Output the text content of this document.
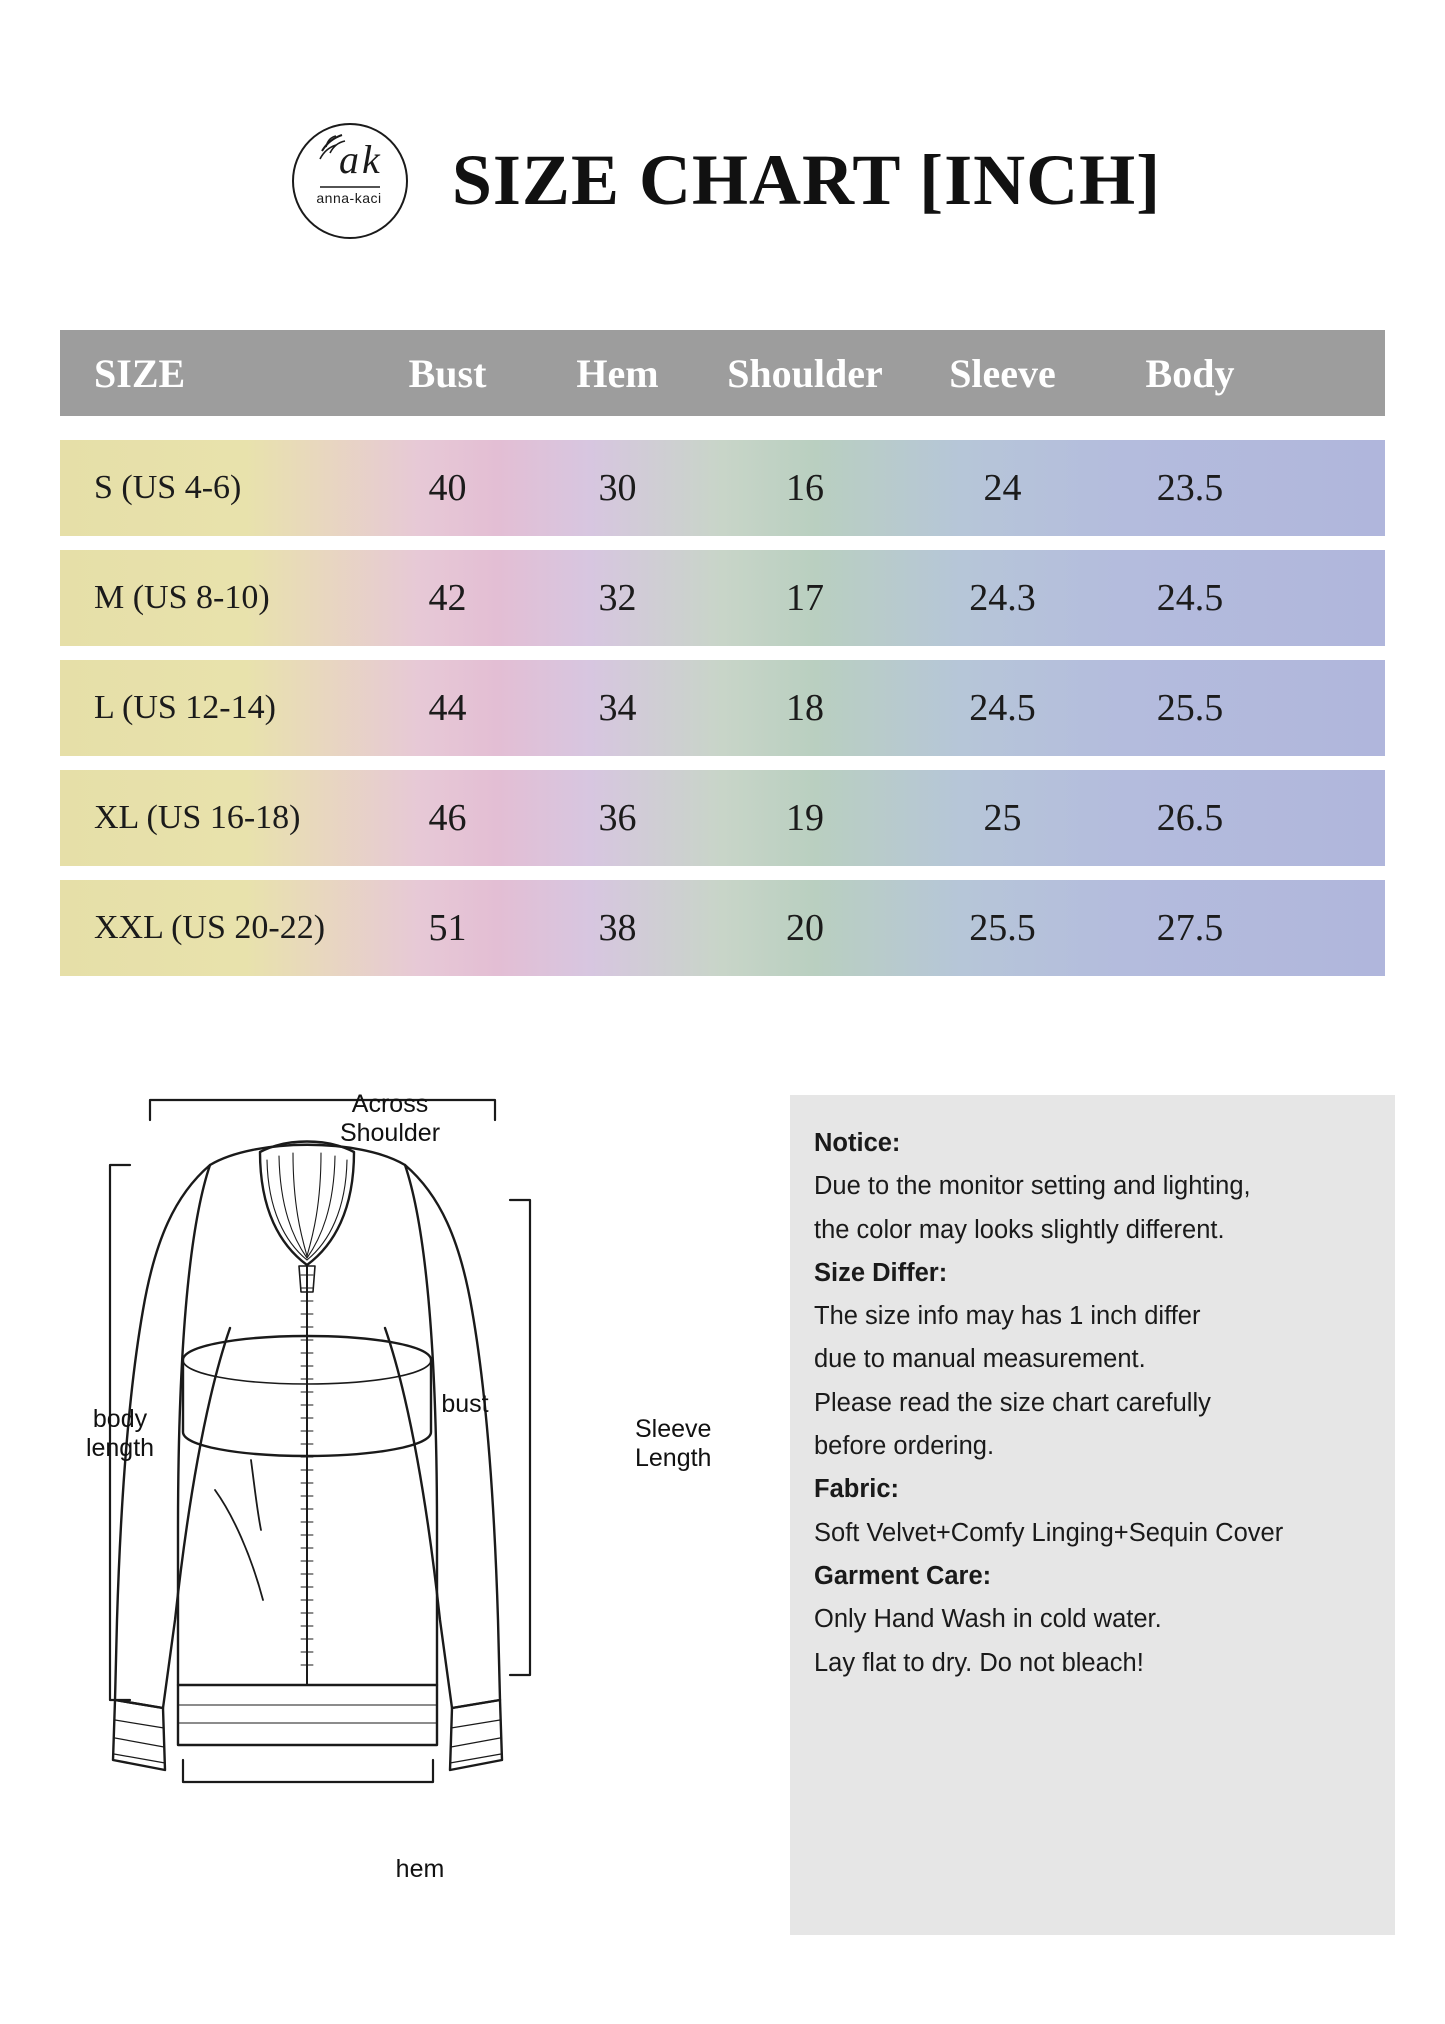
a k
anna-kaci SIZE CHART [INCH]
SIZE	Bust	Hem	Shoulder	Sleeve	Body
S (US 4-6)	40	30	16	24	23.5
M (US 8-10)	42	32	17	24.3	24.5
L (US 12-14)	44	34	18	24.5	25.5
XL (US 16-18)	46	36	19	25	26.5
XXL (US 20-22)	51	38	20	25.5	27.5
Across
Shoulder
bust
hem
body
length
Sleeve
Length

Notice:

Due to the monitor setting and lighting,

the color may looks slightly different.

Size Differ:

The size info may has 1 inch differ

due to manual measurement.

Please read the size chart carefully

before ordering.

Fabric:

Soft Velvet+Comfy Linging+Sequin Cover

Garment Care:

Only Hand Wash in cold water.

Lay flat to dry. Do not bleach!
